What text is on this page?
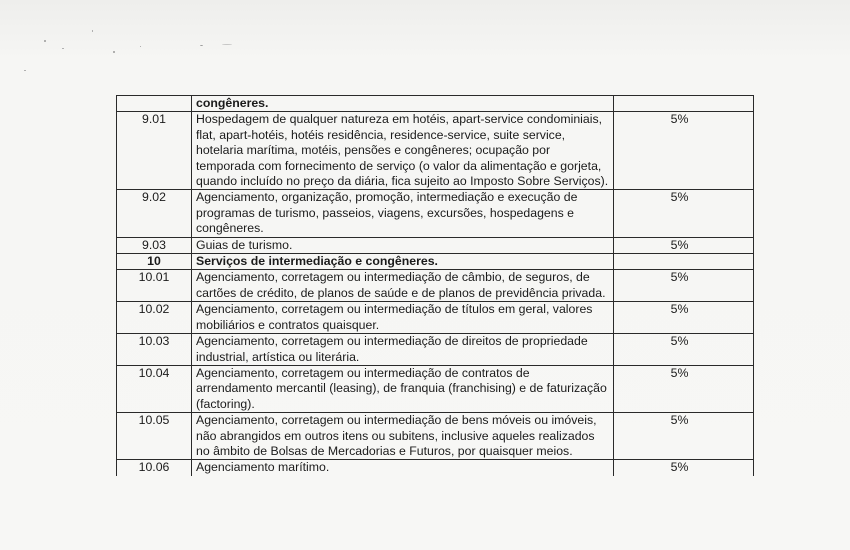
	congêneres.	
9.01	Hospedagem de qualquer natureza em hotéis, apart-service condominiais, flat, apart-hotéis, hotéis residência, residence-service, suite service, hotelaria marítima, motéis, pensões e congêneres; ocupação por temporada com fornecimento de serviço (o valor da alimentação e gorjeta, quando incluído no preço da diária, fica sujeito ao Imposto Sobre Serviços).	5%
9.02	Agenciamento, organização, promoção, intermediação e execução de programas de turismo, passeios, viagens, excursões, hospedagens e congêneres.	5%
9.03	Guias de turismo.	5%
10	Serviços de intermediação e congêneres.	
10.01	Agenciamento, corretagem ou intermediação de câmbio, de seguros, de cartões de crédito, de planos de saúde e de planos de previdência privada.	5%
10.02	Agenciamento, corretagem ou intermediação de títulos em geral, valores mobiliários e contratos quaisquer.	5%
10.03	Agenciamento, corretagem ou intermediação de direitos de propriedade industrial, artística ou literária.	5%
10.04	Agenciamento, corretagem ou intermediação de contratos de arrendamento mercantil (leasing), de franquia (franchising) e de faturização (factoring).	5%
10.05	Agenciamento, corretagem ou intermediação de bens móveis ou imóveis, não abrangidos em outros itens ou subitens, inclusive aqueles realizados no âmbito de Bolsas de Mercadorias e Futuros, por quaisquer meios.	5%
10.06	Agenciamento marítimo.	5%
